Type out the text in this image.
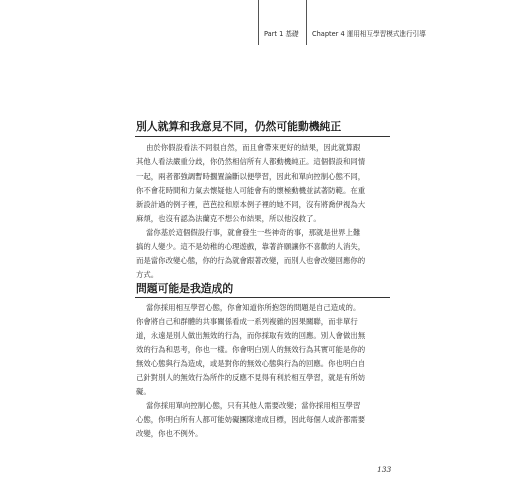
Part 1 基礎 Chapter 4 運用相互學習模式進行引導
別人就算和我意見不同，仍然可能動機純正
由於你假設看法不同很自然，而且會帶來更好的結果，因此就算跟
其他人看法嚴重分歧，你仍然相信所有人都動機純正。這個假設和同情
一起，兩者都強調暫時擱置論斷以便學習，因此和單向控制心態不同，
你不會花時間和力氣去懷疑他人可能會有的懷極動機並試著防範。在重
新設計過的例子裡，芭芭拉和原本例子裡的她不同，沒有將喬伊視為大
麻煩，也沒有認為法蘭克不想公布結果，所以他沒救了。
當你基於這個假設行事，就會發生一些神奇的事，那就是世界上難
搞的人變少。這不是幼稚的心理遊戲，靠著許願讓你不喜歡的人消失，
而是當你改變心態，你的行為就會跟著改變，而別人也會改變回應你的
方式。
問題可能是我造成的
當你採用相互學習心態，你會知道你所抱怨的問題是自己造成的。
你會將自己和群體的共事關係看成一系列複雜的因果關聯，而非單行
道，永遠是別人做出無效的行為，而你採取有效的回應。別人會做出無
效的行為和思考，你也一樣。你會明白別人的無效行為其實可能是你的
無效心態與行為造成，或是對你的無效心態與行為的回應。你也明白自
己針對別人的無效行為所作的反應不見得有利於相互學習，就是有所妨
礙。
當你採用單向控制心態，只有其他人需要改變；當你採用相互學習
心態，你明白所有人都可能妨礙團隊達成目標，因此每個人或許都需要
改變，你也不例外。
133
